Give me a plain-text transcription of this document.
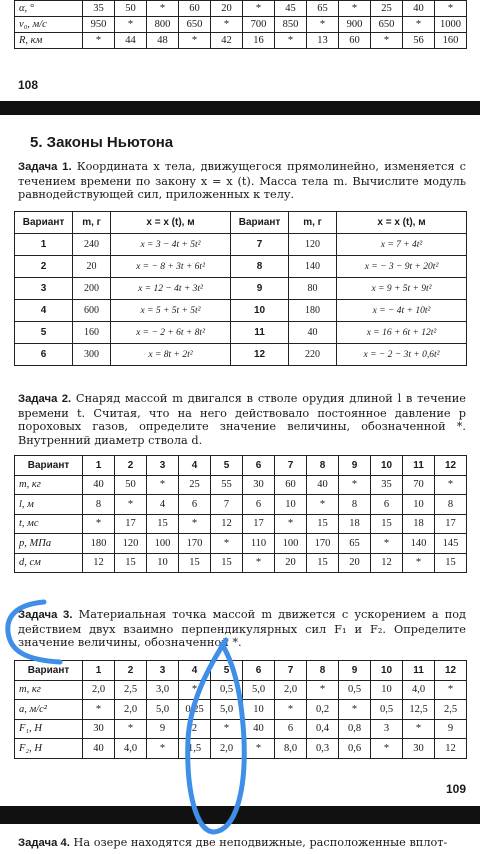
α, °	35	50	*	60	20	*	45	65	*	25	40	*
v₀, м/с	950	*	800	650	*	700	850	*	900	650	*	1000
R, км	*	44	48	*	42	16	*	13	60	*	56	160
108
5. Законы Ньютона
Задача 1. Координата x тела, движущегося прямолинейно, изменяется с течением времени по закону x = x (t). Масса тела m. Вычислите модуль равнодействующей сил, приложенных к телу.
Вариант	m, г	x = x (t), м	Вариант	m, г	x = x (t), м
1	240	x = 3 − 4t + 5t²	7	120	x = 7 + 4t²
2	20	x = − 8 + 3t + 6t²	8	140	x = − 3 − 9t + 20t²
3	200	x = 12 − 4t + 3t²	9	80	x = 9 + 5t + 9t²
4	600	x = 5 + 5t + 5t²	10	180	x = − 4t + 10t²
5	160	x = − 2 + 6t + 8t²	11	40	x = 16 + 6t + 12t²
6	300	x = 8t + 2t²	12	220	x = − 2 − 3t + 0,6t²
Задача 2. Снаряд массой m двигался в стволе орудия длиной l в течение времени t. Считая, что на него действовало постоянное давление p пороховых газов, определите значение величины, обозначенной *. Внутренний диаметр ствола d.
Вариант	1	2	3	4	5	6	7	8	9	10	11	12
m, кг	40	50	*	25	55	30	60	40	*	35	70	*
l, м	8	*	4	6	7	6	10	*	8	6	10	8
t, мс	*	17	15	*	12	17	*	15	18	15	18	17
p, МПа	180	120	100	170	*	110	100	170	65	*	140	145
d, см	12	15	10	15	15	*	20	15	20	12	*	15
Задача 3. Материальная точка массой m движется с ускорением a под действием двух взаимно перпендикулярных сил F₁ и F₂. Определите значение величины, обозначенной *.
Вариант	1	2	3	4	5	6	7	8	9	10	11	12
m, кг	2,0	2,5	3,0	*	0,5	5,0	2,0	*	0,5	10	4,0	*
a, м/с²	*	2,0	5,0	0,25	5,0	10	*	0,2	*	0,5	12,5	2,5
F₁, Н	30	*	9	2	*	40	6	0,4	0,8	3	*	9
F₂, Н	40	4,0	*	1,5	2,0	*	8,0	0,3	0,6	*	30	12
109
Задача 4. На озере находятся две неподвижные, расположенные вплот-
